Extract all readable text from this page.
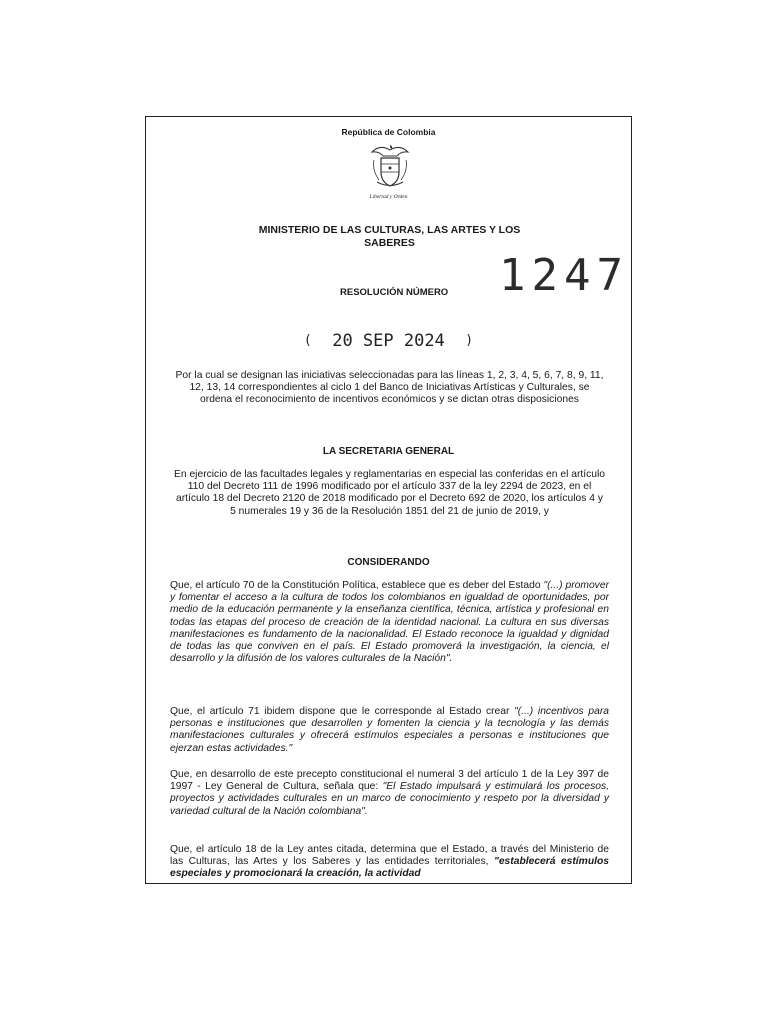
República de Colombia
Libertad y Orden
MINISTERIO DE LAS CULTURAS, LAS ARTES Y LOS SABERES
RESOLUCIÓN NÚMERO 1247
( 20 SEP 2024 )
Por la cual se designan las iniciativas seleccionadas para las líneas 1, 2, 3, 4, 5, 6, 7, 8, 9, 11, 12, 13, 14 correspondientes al ciclo 1 del Banco de Iniciativas Artísticas y Culturales, se ordena el reconocimiento de incentivos económicos y se dictan otras disposiciones
LA SECRETARIA GENERAL
En ejercicio de las facultades legales y reglamentarias en especial las conferidas en el artículo 110 del Decreto 111 de 1996 modificado por el artículo 337 de la ley 2294 de 2023, en el artículo 18 del Decreto 2120 de 2018 modificado por el Decreto 692 de 2020, los artículos 4 y 5 numerales 19 y 36 de la Resolución 1851 del 21 de junio de 2019, y
CONSIDERANDO
Que, el artículo 70 de la Constitución Política, establece que es deber del Estado "(...) promover y fomentar el acceso a la cultura de todos los colombianos en igualdad de oportunidades, por medio de la educación permanente y la enseñanza científica, técnica, artística y profesional en todas las etapas del proceso de creación de la identidad nacional. La cultura en sus diversas manifestaciones es fundamento de la nacionalidad. El Estado reconoce la igualdad y dignidad de todas las que conviven en el país. El Estado promoverá la investigación, la ciencia, el desarrollo y la difusión de los valores culturales de la Nación".
Que, el artículo 71 ibidem dispone que le corresponde al Estado crear "(...) incentivos para personas e instituciones que desarrollen y fomenten la ciencia y la tecnología y las demás manifestaciones culturales y ofrecerá estímulos especiales a personas e instituciones que ejerzan estas actividades."
Que, en desarrollo de este precepto constitucional el numeral 3 del artículo 1 de la Ley 397 de 1997 - Ley General de Cultura, señala que: "El Estado impulsará y estimulará los procesos, proyectos y actividades culturales en un marco de conocimiento y respeto por la diversidad y variedad cultural de la Nación colombiana".
Que, el artículo 18 de la Ley antes citada, determina que el Estado, a través del Ministerio de las Culturas, las Artes y los Saberes y las entidades territoriales, "establecerá estímulos especiales y promocionará la creación, la actividad
